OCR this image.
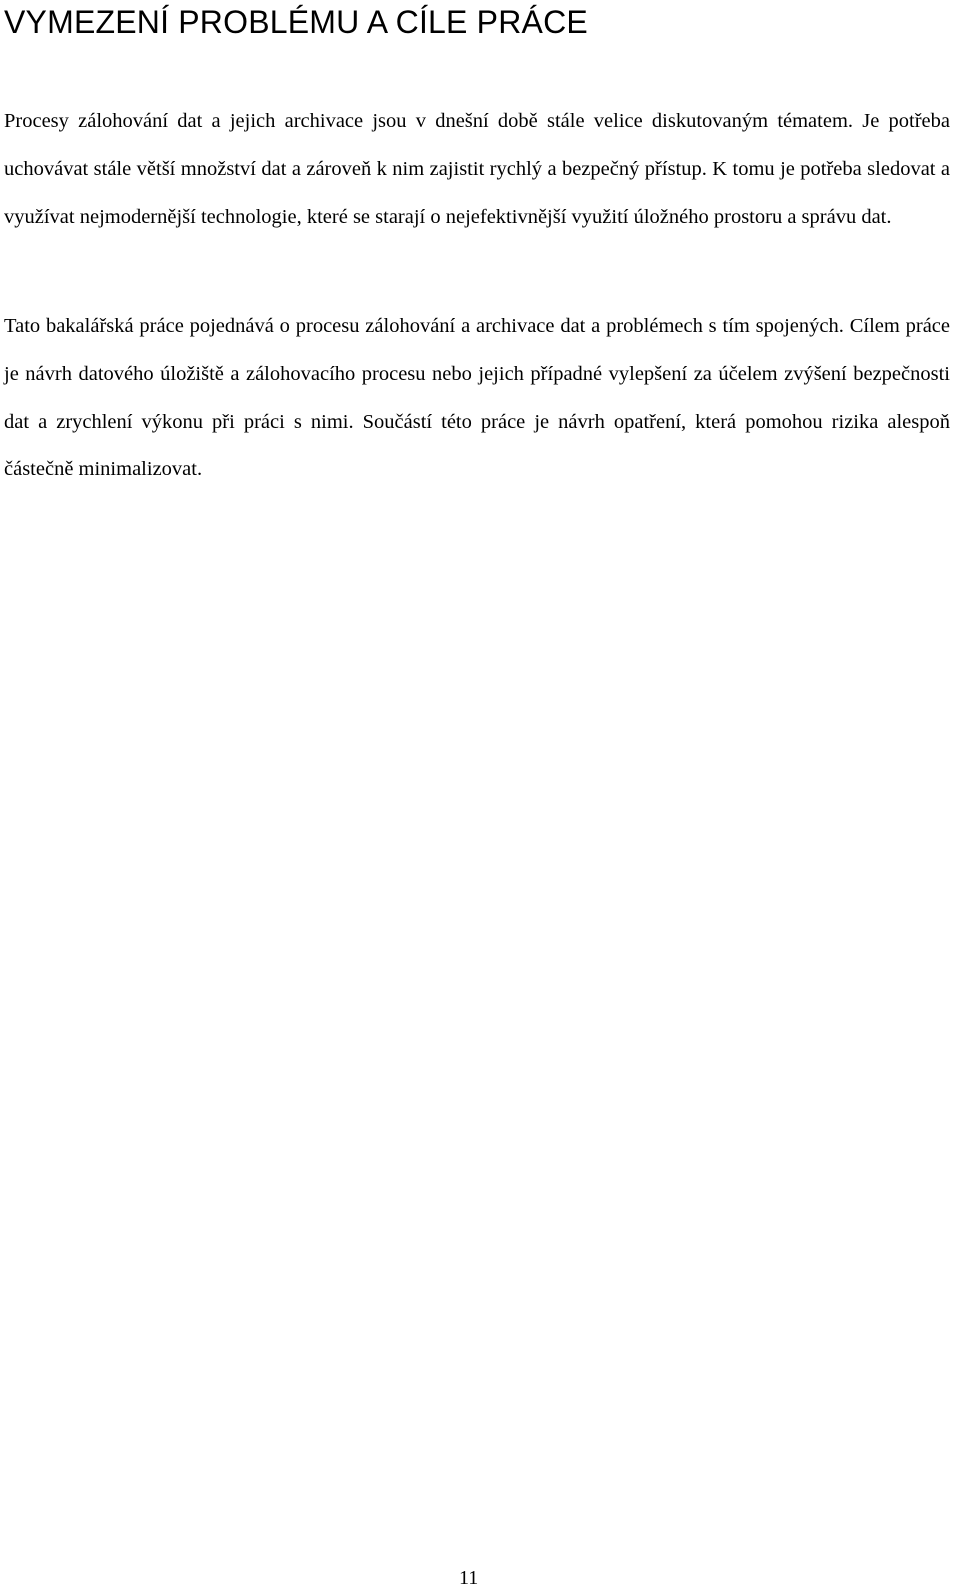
VYMEZENÍ PROBLÉMU A CÍLE PRÁCE

Procesy zálohování dat a jejich archivace jsou v dnešní době stále velice diskutovaným tématem. Je potřeba uchovávat stále větší množství dat a zároveň k nim zajistit rychlý a bezpečný přístup. K tomu je potřeba sledovat a využívat nejmodernější technologie, které se starají o nejefektivnější využití úložného prostoru a správu dat.

Tato bakalářská práce pojednává o procesu zálohování a archivace dat a problémech s tím spojených. Cílem práce je návrh datového úložiště a zálohovacího procesu nebo jejich případné vylepšení za účelem zvýšení bezpečnosti dat a zrychlení výkonu při práci s nimi. Součástí této práce je návrh opatření, která pomohou rizika alespoň částečně minimalizovat.

11
